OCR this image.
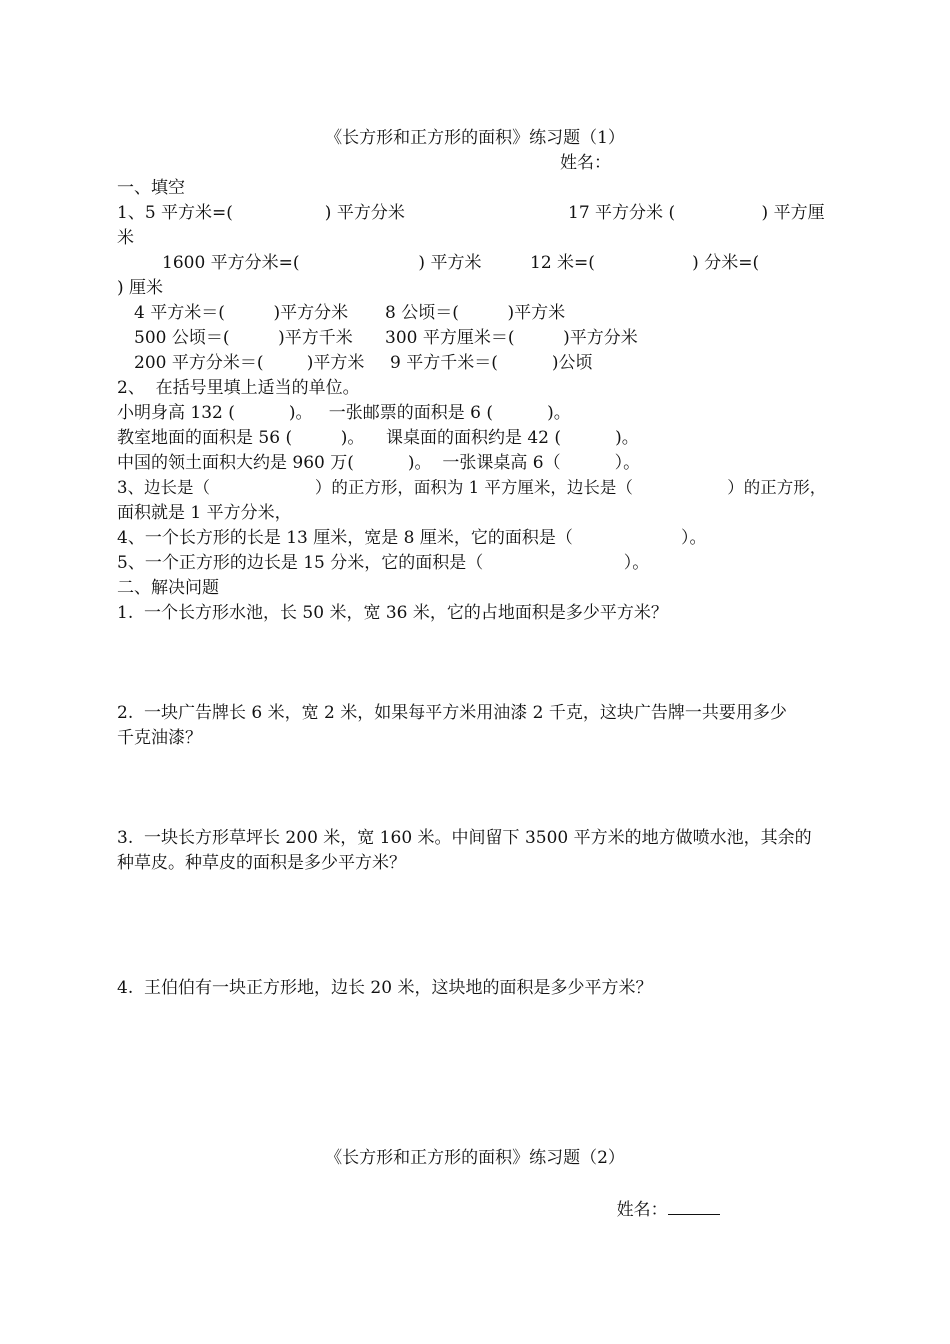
《长方形和正方形的面积》练习题（1）
姓名：
一、填空
1、5 平方米=(                 ) 平方分米	17 平方分米 (                ) 平方厘
米
1600 平方分米=(                      ) 平方米	12 米=(                  ) 分米=(
) 厘米
4 平方米＝(         )平方分米 8 公顷＝(         )平方米
500 公顷＝(         )平方千米 300 平方厘米＝(         )平方分米
200 平方分米＝(        )平方米 9 平方千米＝(          )公顷
2、  在括号里填上适当的单位。
小明身高 132 (          )。   一张邮票的面积是 6 (          )。
教室地面的面积是 56 (         )。    课桌面的面积约是 42 (          )。
中国的领土面积大约是 960 万(          )。  一张课桌高 6（          ）。
3、边长是（                    ）的正方形，面积为 1 平方厘米，边长是（                  ）的正方形，
面积就是 1 平方分米，
4、一个长方形的长是 13 厘米，宽是 8 厘米，它的面积是（                    ）。
5、一个正方形的边长是 15 分米，它的面积是（                          ）。
二、解决问题
1.  一个长方形水池，长 50 米，宽 36 米，它的占地面积是多少平方米？
2.  一块广告牌长 6 米，宽 2 米，如果每平方米用油漆 2 千克，这块广告牌一共要用多少
千克油漆？
3.  一块长方形草坪长 200 米，宽 160 米。中间留下 3500 平方米的地方做喷水池，其余的
种草皮。种草皮的面积是多少平方米？
4.  王伯伯有一块正方形地，边长 20 米，这块地的面积是多少平方米？
《长方形和正方形的面积》练习题（2）

姓名：
